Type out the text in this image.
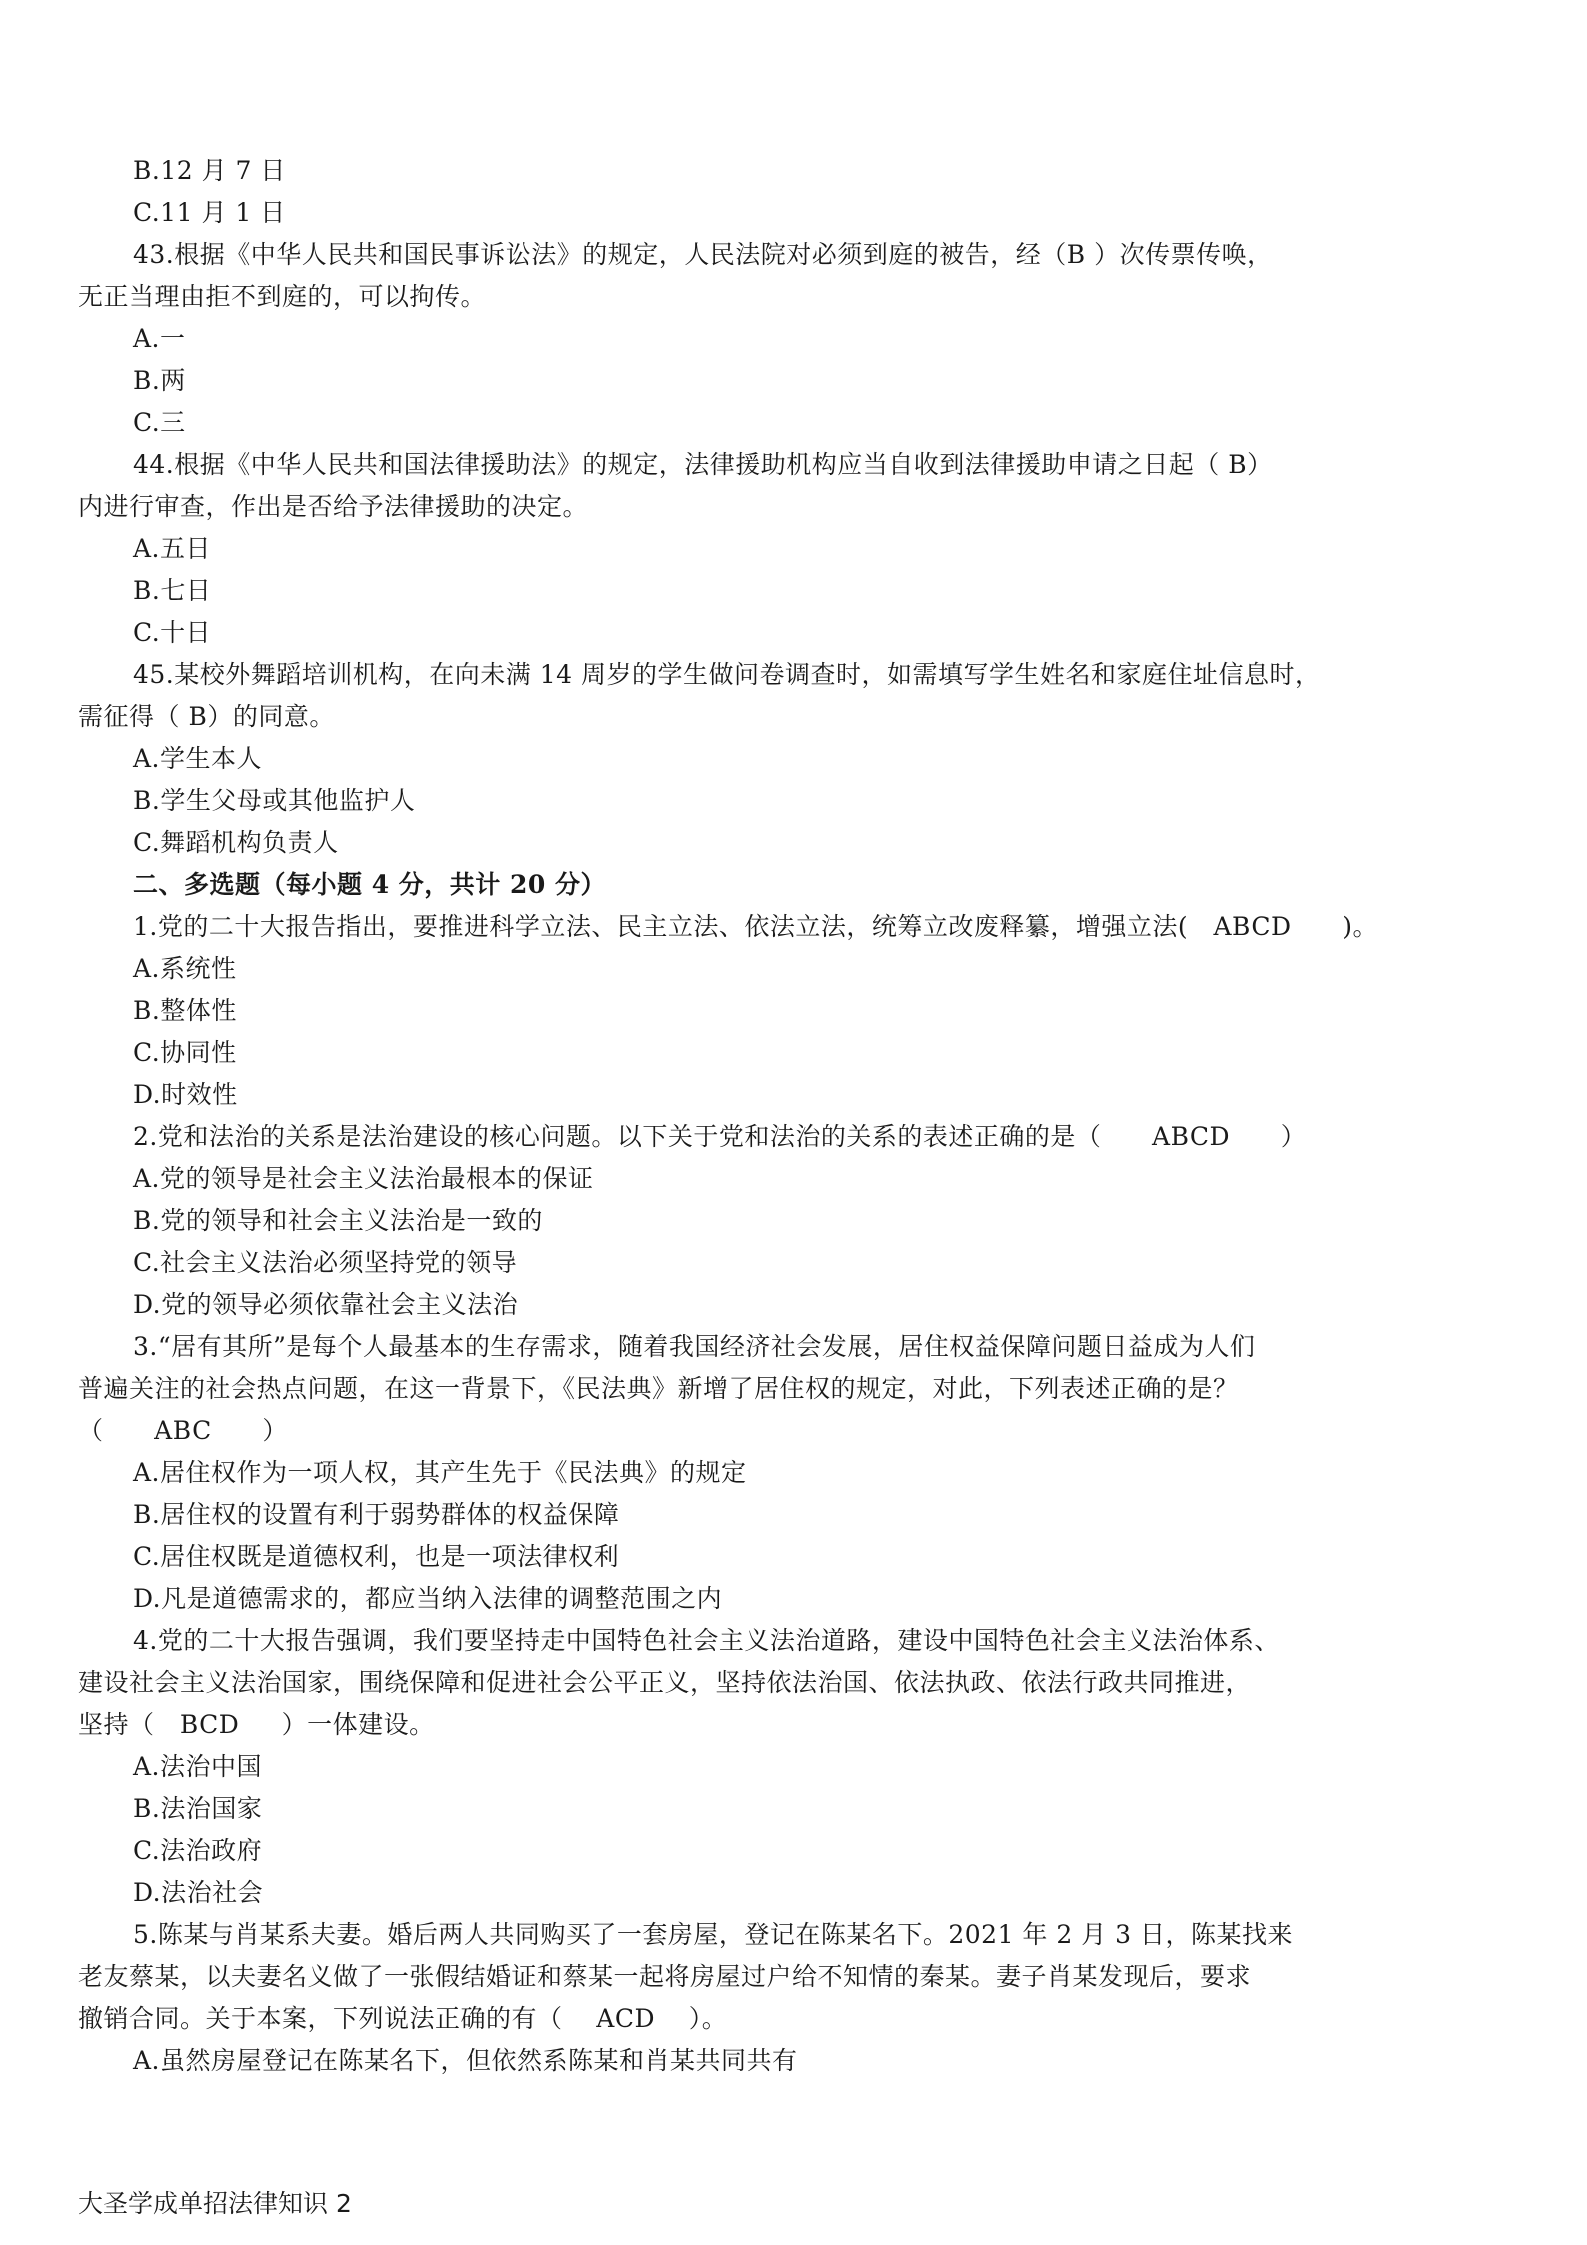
B.12 月 7 日
C.11 月 1 日
43.根据《中华人民共和国民事诉讼法》的规定，人民法院对必须到庭的被告，经（B ）次传票传唤，
无正当理由拒不到庭的，可以拘传。
A.一
B.两
C.三
44.根据《中华人民共和国法律援助法》的规定，法律援助机构应当自收到法律援助申请之日起（ B）
内进行审查，作出是否给予法律援助的决定。
A.五日
B.七日
C.十日
45.某校外舞蹈培训机构，在向未满 14 周岁的学生做问卷调查时，如需填写学生姓名和家庭住址信息时，
需征得（ B）的同意。
A.学生本人
B.学生父母或其他监护人
C.舞蹈机构负责人
二、多选题（每小题 4 分，共计 20 分）
1.党的二十大报告指出，要推进科学立法、民主立法、依法立法，统筹立改废释纂，增强立法(   ABCD      )。
A.系统性
B.整体性
C.协同性
D.时效性
2.党和法治的关系是法治建设的核心问题。以下关于党和法治的关系的表述正确的是（      ABCD      ）
A.党的领导是社会主义法治最根本的保证
B.党的领导和社会主义法治是一致的
C.社会主义法治必须坚持党的领导
D.党的领导必须依靠社会主义法治
3.“居有其所”是每个人最基本的生存需求，随着我国经济社会发展，居住权益保障问题日益成为人们
普遍关注的社会热点问题，在这一背景下，《民法典》新增了居住权的规定，对此，下列表述正确的是？
（      ABC      ）
A.居住权作为一项人权，其产生先于《民法典》的规定
B.居住权的设置有利于弱势群体的权益保障
C.居住权既是道德权利，也是一项法律权利
D.凡是道德需求的，都应当纳入法律的调整范围之内
4.党的二十大报告强调，我们要坚持走中国特色社会主义法治道路，建设中国特色社会主义法治体系、
建设社会主义法治国家，围绕保障和促进社会公平正义，坚持依法治国、依法执政、依法行政共同推进，
坚持（   BCD     ）一体建设。
A.法治中国
B.法治国家
C.法治政府
D.法治社会
5.陈某与肖某系夫妻。婚后两人共同购买了一套房屋，登记在陈某名下。2021 年 2 月 3 日，陈某找来
老友蔡某，以夫妻名义做了一张假结婚证和蔡某一起将房屋过户给不知情的秦某。妻子肖某发现后，要求
撤销合同。关于本案，下列说法正确的有（    ACD    ）。
A.虽然房屋登记在陈某名下，但依然系陈某和肖某共同共有
大圣学成单招法律知识 2
